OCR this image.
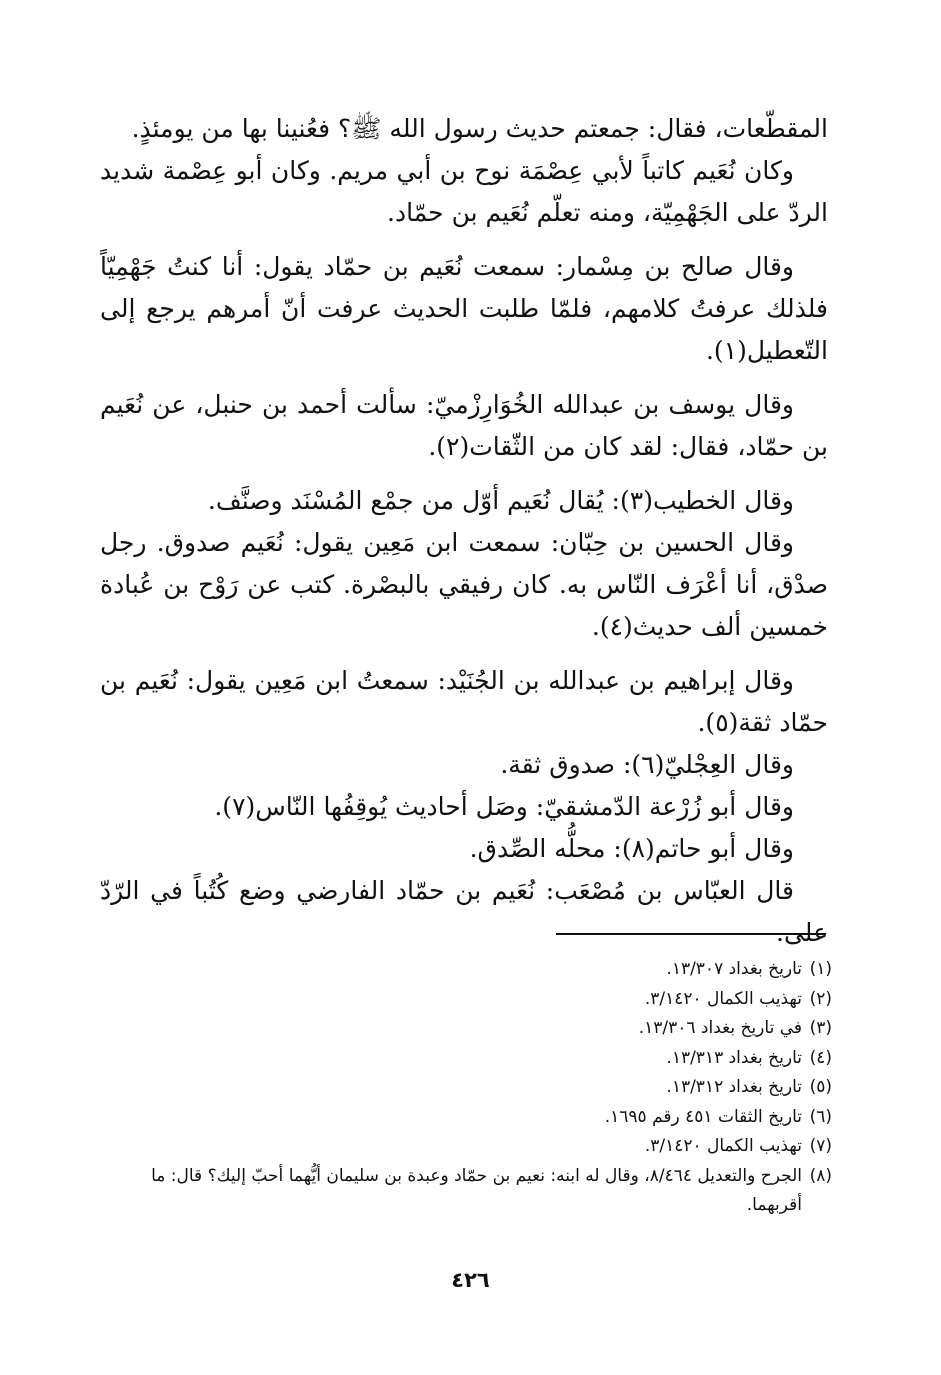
المقطّعات، فقال: جمعتم حديث رسول الله ﷺ؟ فعُنينا بها من يومئذٍ.

وكان نُعَيم كاتباً لأبي عِصْمَة نوح بن أبي مريم. وكان أبو عِصْمة شديد الردّ على الجَهْمِيّة، ومنه تعلّم نُعَيم بن حمّاد.

وقال صالح بن مِسْمار: سمعت نُعَيم بن حمّاد يقول: أنا كنتُ جَهْمِيّاً فلذلك عرفتُ كلامهم، فلمّا طلبت الحديث عرفت أنّ أمرهم يرجع إلى التّعطيل(١).

وقال يوسف بن عبدالله الخُوَارِزْميّ: سألت أحمد بن حنبل، عن نُعَيم بن حمّاد، فقال: لقد كان من الثّقات(٢).

وقال الخطيب(٣): يُقال نُعَيم أوّل من جمْع المُسْنَد وصنَّف.

وقال الحسين بن حِبّان: سمعت ابن مَعِين يقول: نُعَيم صدوق. رجل صدْق، أنا أعْرَف النّاس به. كان رفيقي بالبصْرة. كتب عن رَوْح بن عُبادة خمسين ألف حديث(٤).

وقال إبراهيم بن عبدالله بن الجُنَيْد: سمعتُ ابن مَعِين يقول: نُعَيم بن حمّاد ثقة(٥).

وقال العِجْليّ(٦): صدوق ثقة.

وقال أبو زُرْعة الدّمشقيّ: وصَل أحاديث يُوقِفُها النّاس(٧).

وقال أبو حاتم(٨): محلُّه الصِّدق.

قال العبّاس بن مُصْعَب: نُعَيم بن حمّاد الفارضي وضع كُتُباً في الرّدّ على.

(١)
تاريخ بغداد ١٣/٣٠٧.
(٢)
تهذيب الكمال ٣/١٤٢٠.
(٣)
في تاريخ بغداد ١٣/٣٠٦.
(٤)
تاريخ بغداد ١٣/٣١٣.
(٥)
تاريخ بغداد ١٣/٣١٢.
(٦)
تاريخ الثقات ٤٥١ رقم ١٦٩٥.
(٧)
تهذيب الكمال ٣/١٤٢٠.
(٨)
الجرح والتعديل ٨/٤٦٤، وقال له ابنه: نعيم بن حمّاد وعبدة بن سليمان أيُّهما أحبّ إليك؟ قال: ما أقربهما.
٤٢٦
